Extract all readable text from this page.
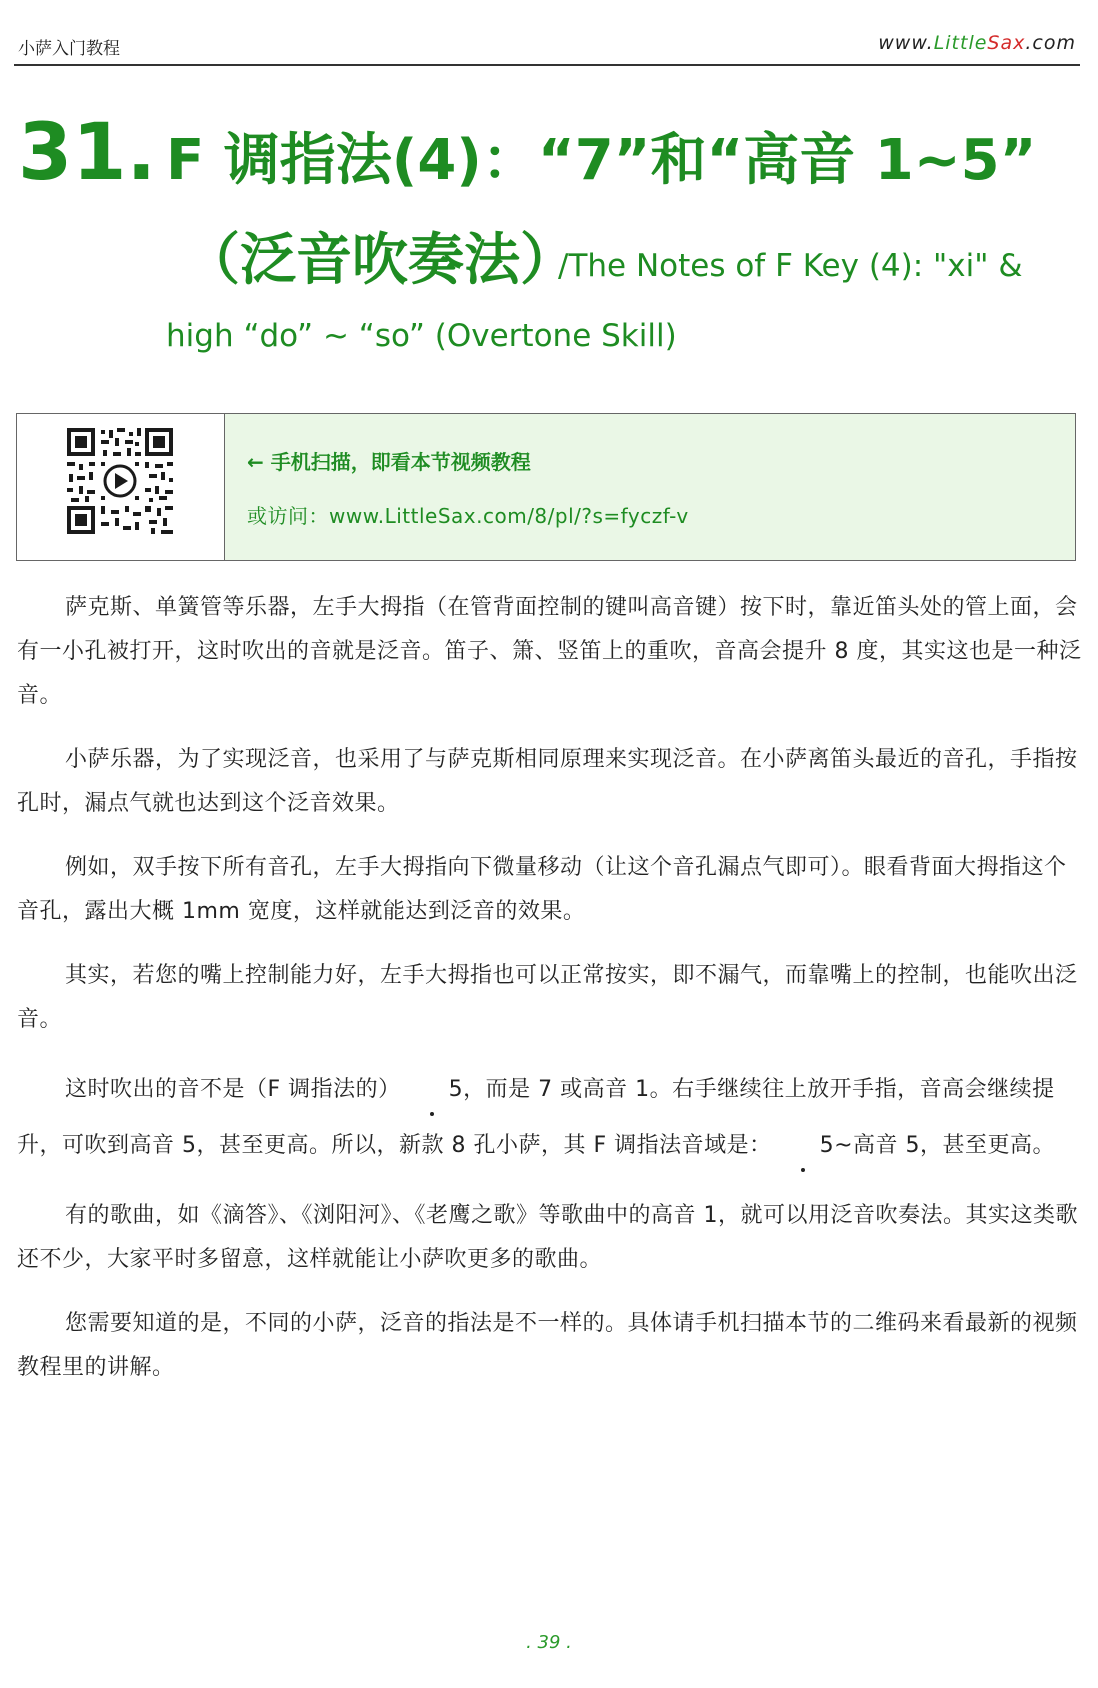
小萨入门教程	www.LittleSax.com
31. F 调指法(4)：“7”和“高音 1~5”
（泛音吹奏法）
/The Notes of F Key (4): "xi" &
high “do” ~ “so” (Overtone Skill)
← 手机扫描，即看本节视频教程
或访问：www.LittleSax.com/8/pl/?s=fyczf-v

萨克斯、单簧管等乐器，左手大拇指（在管背面控制的键叫高音键）按下时，靠近笛头处的管上面，会有一小孔被打开，这时吹出的音就是泛音。笛子、箫、竖笛上的重吹，音高会提升 8 度，其实这也是一种泛音。

小萨乐器，为了实现泛音，也采用了与萨克斯相同原理来实现泛音。在小萨离笛头最近的音孔，手指按孔时，漏点气就也达到这个泛音效果。

例如，双手按下所有音孔，左手大拇指向下微量移动（让这个音孔漏点气即可）。眼看背面大拇指这个音孔，露出大概 1mm 宽度，这样就能达到泛音的效果。

其实，若您的嘴上控制能力好，左手大拇指也可以正常按实，即不漏气，而靠嘴上的控制，也能吹出泛音。

这时吹出的音不是（F 调指法的） 5，而是 7 或高音 1。右手继续往上放开手指，音高会继续提升，可吹到高音 5，甚至更高。所以，新款 8 孔小萨，其 F 调指法音域是： 5~高音 5，甚至更高。

有的歌曲，如《滴答》、《浏阳河》、《老鹰之歌》等歌曲中的高音 1，就可以用泛音吹奏法。其实这类歌还不少，大家平时多留意，这样就能让小萨吹更多的歌曲。

您需要知道的是，不同的小萨，泛音的指法是不一样的。具体请手机扫描本节的二维码来看最新的视频教程里的讲解。

. 39 .
